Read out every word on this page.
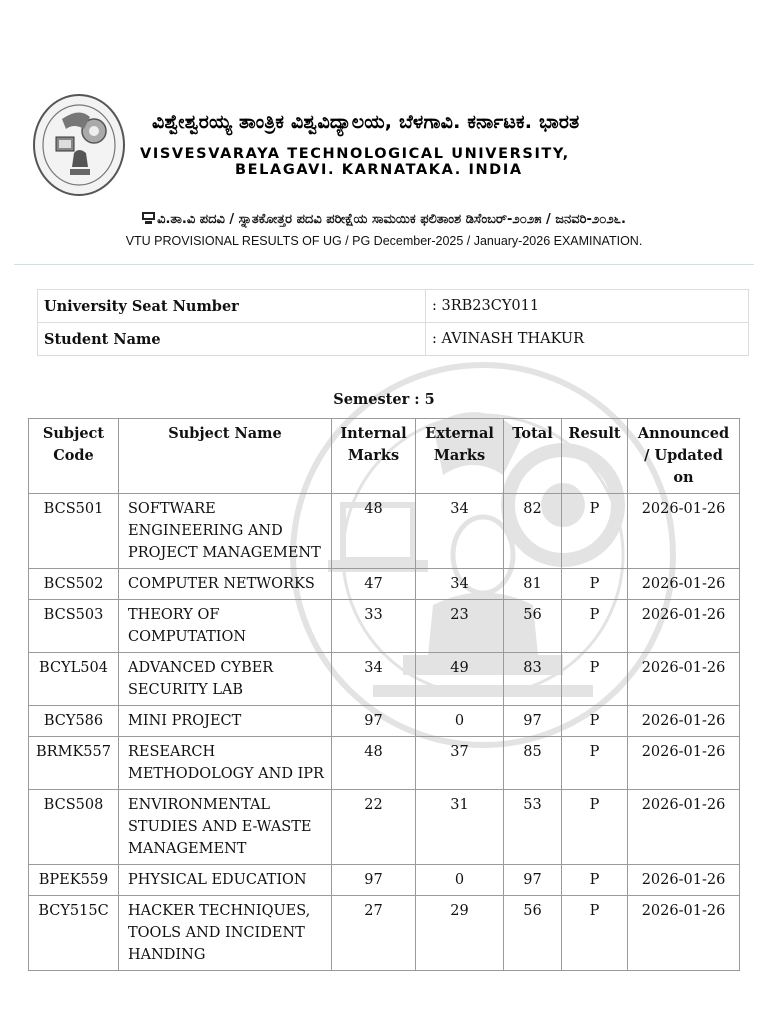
ವಿಶ್ವೇಶ್ವರಯ್ಯ ತಾಂತ್ರಿಕ ವಿಶ್ವವಿದ್ಯಾಲಯ, ಬೆಳಗಾವಿ. ಕರ್ನಾಟಕ. ಭಾರತ
VISVESVARAYA TECHNOLOGICAL UNIVERSITY,
BELAGAVI. KARNATAKA. INDIA
ವಿ.ತಾ.ವಿ ಪದವಿ / ಸ್ನಾತಕೋತ್ತರ ಪದವಿ ಪರೀಕ್ಷೆಯ ಸಾಮಯಿಕ ಫಲಿತಾಂಶ ಡಿಸೆಂಬರ್-೨೦೨೫ / ಜನವರಿ-೨೦೨೬.
VTU PROVISIONAL RESULTS OF UG / PG December-2025 / January-2026 EXAMINATION.
University Seat Number	: 3RB23CY011
Student Name	: AVINASH THAKUR
Semester : 5
Subject Code	Subject Name	Internal Marks	External Marks	Total	Result	Announced / Updated on
BCS501	SOFTWARE ENGINEERING AND PROJECT MANAGEMENT	48	34	82	P	2026-01-26
BCS502	COMPUTER NETWORKS	47	34	81	P	2026-01-26
BCS503	THEORY OF COMPUTATION	33	23	56	P	2026-01-26
BCYL504	ADVANCED CYBER SECURITY LAB	34	49	83	P	2026-01-26
BCY586	MINI PROJECT	97	0	97	P	2026-01-26
BRMK557	RESEARCH METHODOLOGY AND IPR	48	37	85	P	2026-01-26
BCS508	ENVIRONMENTAL STUDIES AND E-WASTE MANAGEMENT	22	31	53	P	2026-01-26
BPEK559	PHYSICAL EDUCATION	97	0	97	P	2026-01-26
BCY515C	HACKER TECHNIQUES, TOOLS AND INCIDENT HANDING	27	29	56	P	2026-01-26
